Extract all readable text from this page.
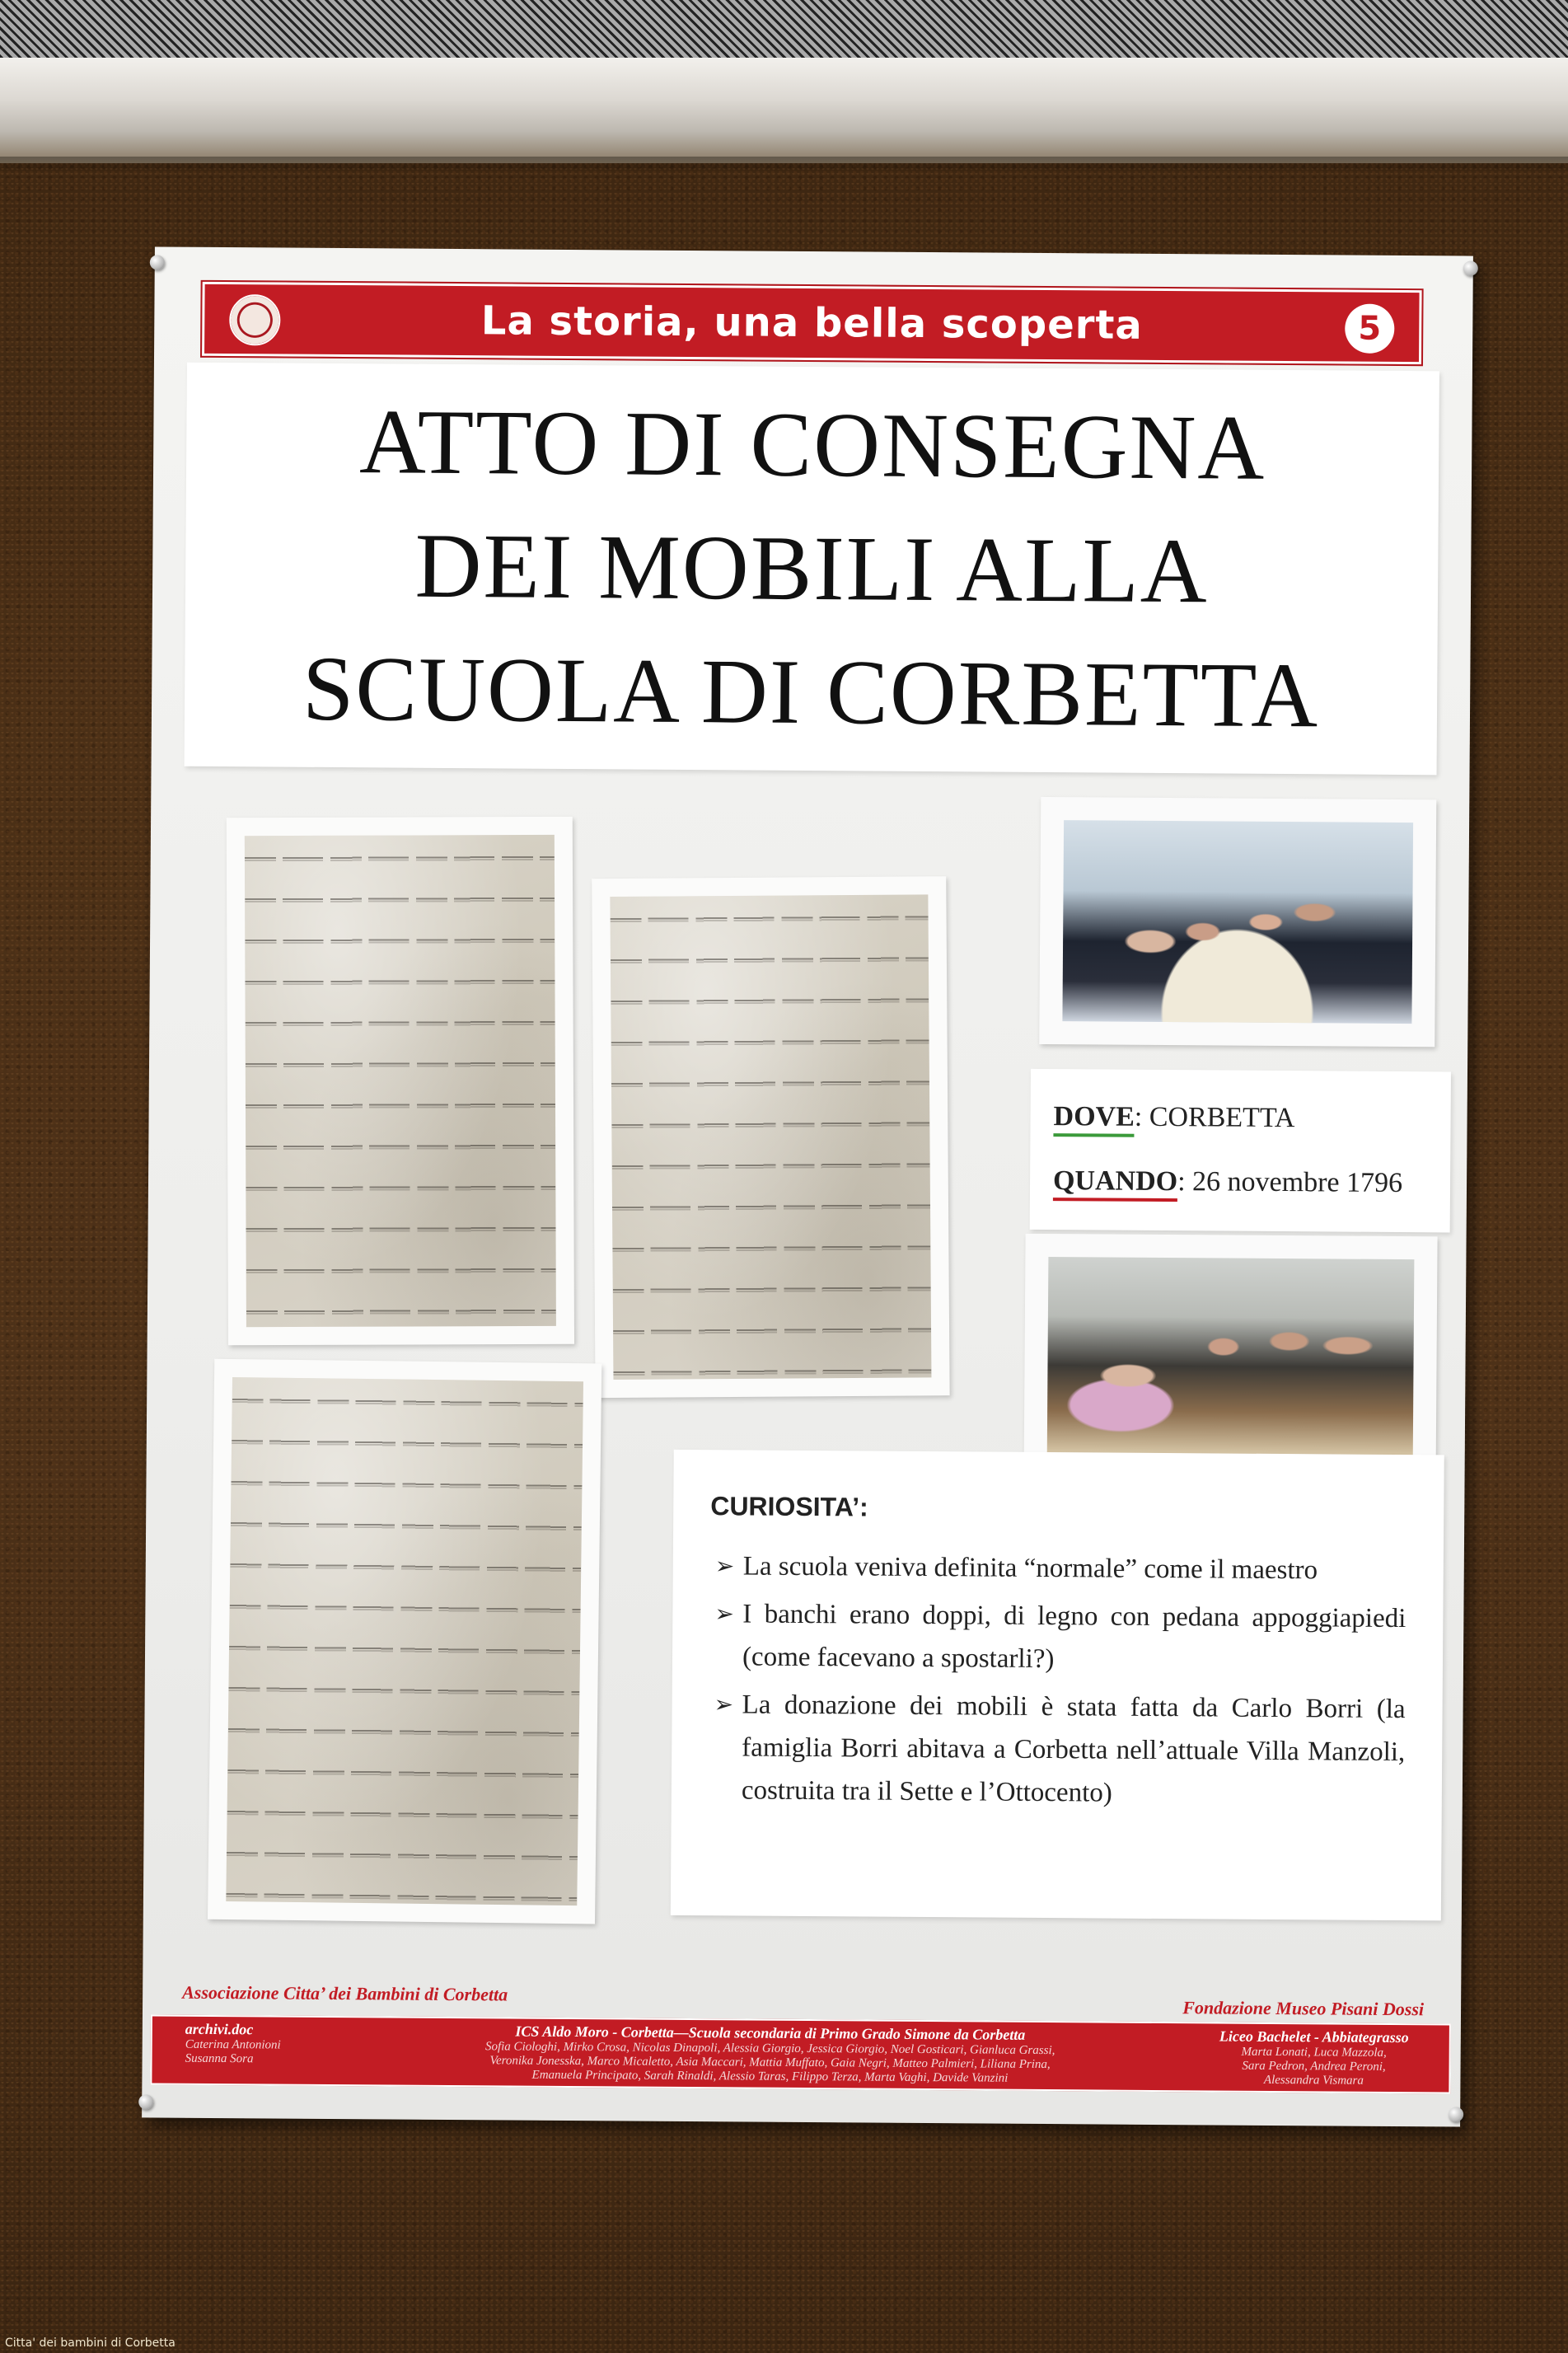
La storia, una bella scoperta	5
ATTO DI CONSEGNA
DEI MOBILI ALLA
SCUOLA DI CORBETTA
DOVE: CORBETTA
QUANDO: 26 novembre 1796
CURIOSITA’:
➢ La scuola veniva definita “normale” come il maestro
➢ I banchi erano doppi, di legno con pedana appoggiapiedi (come facevano a spostarli?)
➢ La donazione dei mobili è stata fatta da Carlo Borri (la famiglia Borri abitava a Corbetta nell’attuale Villa Manzoli, costruita tra il Sette e l’Ottocento)
Associazione Citta’ dei Bambini di Corbetta
Fondazione Museo Pisani Dossi
archivi.doc
Caterina Antonioni
Susanna Sora
ICS Aldo Moro - Corbetta—Scuola secondaria di Primo Grado Simone da Corbetta
Sofia Ciologhi, Mirko Crosa, Nicolas Dinapoli, Alessia Giorgio, Jessica Giorgio, Noel Gosticari, Gianluca Grassi,
Veronika Jonesska, Marco Micaletto, Asia Maccari, Mattia Muffato, Gaia Negri, Matteo Palmieri, Liliana Prina,
Emanuela Principato, Sarah Rinaldi, Alessio Taras, Filippo Terza, Marta Vaghi, Davide Vanzini
Liceo Bachelet - Abbiategrasso
Marta Lonati, Luca Mazzola,
Sara Pedron, Andrea Peroni,
Alessandra Vismara
Citta' dei bambini di Corbetta
